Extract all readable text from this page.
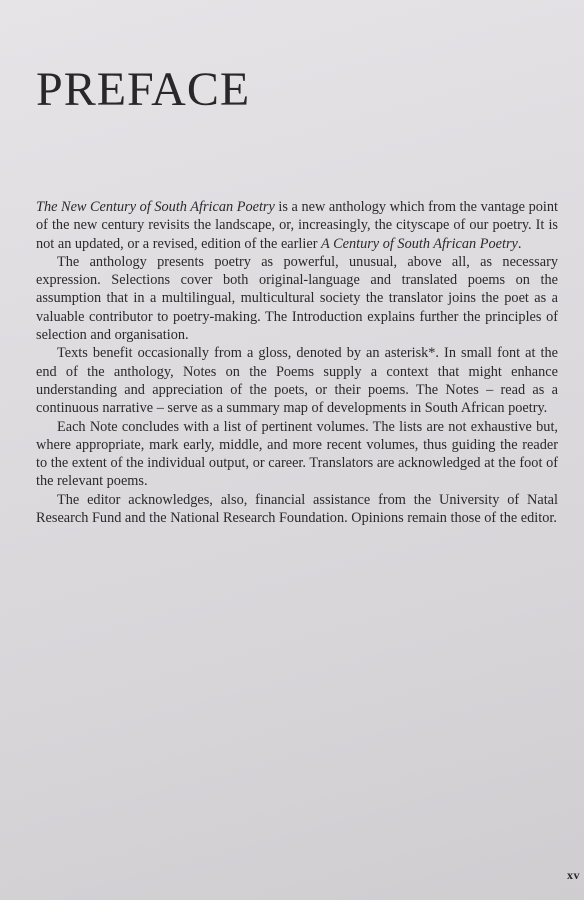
PREFACE

The New Century of South African Poetry is a new anthology which from the vantage point of the new century revisits the landscape, or, increasingly, the cityscape of our poetry. It is not an updated, or a revised, edition of the earlier A Century of South African Poetry.

The anthology presents poetry as powerful, unusual, above all, as necessary expression. Selections cover both original-language and translated poems on the assumption that in a multilingual, multicultural society the translator joins the poet as a valuable contributor to poetry-making. The Introduction explains further the principles of selection and organisation.

Texts benefit occasionally from a gloss, denoted by an asterisk*. In small font at the end of the anthology, Notes on the Poems supply a context that might enhance understanding and appreciation of the poets, or their poems. The Notes – read as a continuous narrative – serve as a summary map of developments in South African poetry.

Each Note concludes with a list of pertinent volumes. The lists are not exhaustive but, where appropriate, mark early, middle, and more recent volumes, thus guiding the reader to the extent of the individual output, or career. Translators are acknowledged at the foot of the relevant poems.

The editor acknowledges, also, financial assistance from the University of Natal Research Fund and the National Research Foundation. Opinions remain those of the editor.

xv
